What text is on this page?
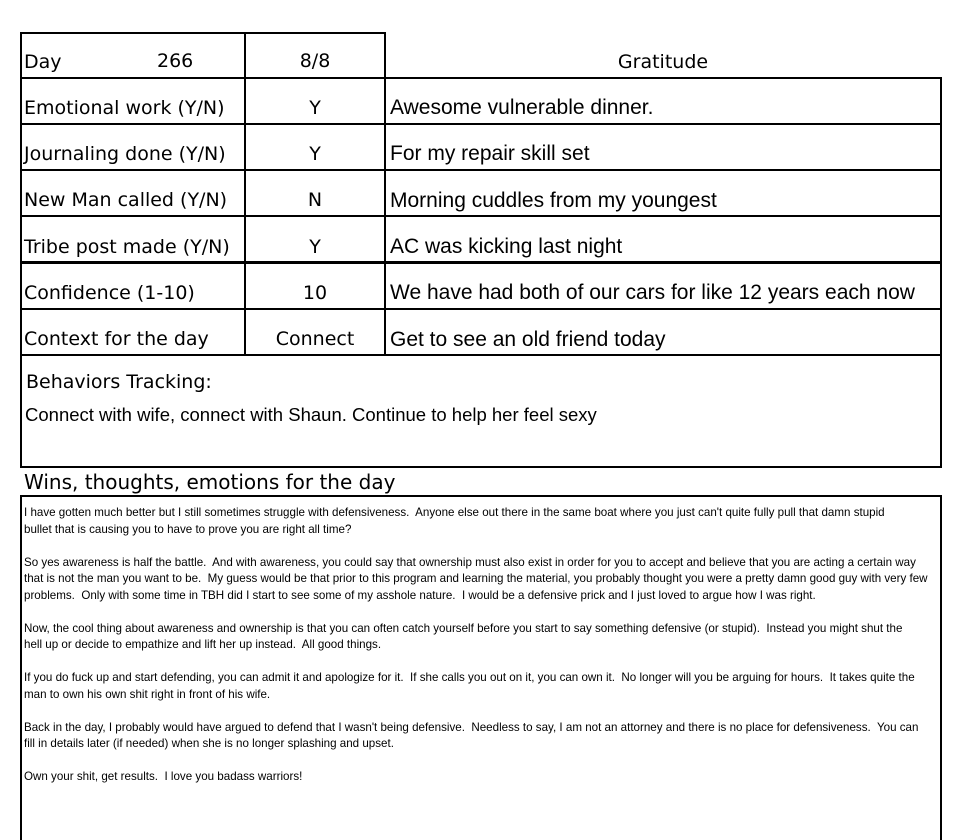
Day	266	8/8	Gratitude
Emotional work (Y/N)	Y	Awesome vulnerable dinner.
Journaling done (Y/N)	Y	For my repair skill set
New Man called (Y/N)	N	Morning cuddles from my youngest
Tribe post made (Y/N)	Y	AC was kicking last night
Confidence (1-10)	10	We have had both of our cars for like 12 years each now
Context for the day	Connect	Get to see an old friend today
Behaviors Tracking:
Connect with wife, connect with Shaun. Continue to help her feel sexy
Wins, thoughts, emotions for the day

I have gotten much better but I still sometimes struggle with defensiveness.  Anyone else out there in the same boat where you just can't quite fully pull that damn stupid
bullet that is causing you to have to prove you are right all time?

So yes awareness is half the battle.  And with awareness, you could say that ownership must also exist in order for you to accept and believe that you are acting a certain way
that is not the man you want to be.  My guess would be that prior to this program and learning the material, you probably thought you were a pretty damn good guy with very few
problems.  Only with some time in TBH did I start to see some of my asshole nature.  I would be a defensive prick and I just loved to argue how I was right.

Now, the cool thing about awareness and ownership is that you can often catch yourself before you start to say something defensive (or stupid).  Instead you might shut the
hell up or decide to empathize and lift her up instead.  All good things.

If you do fuck up and start defending, you can admit it and apologize for it.  If she calls you out on it, you can own it.  No longer will you be arguing for hours.  It takes quite the
man to own his own shit right in front of his wife.

Back in the day, I probably would have argued to defend that I wasn't being defensive.  Needless to say, I am not an attorney and there is no place for defensiveness.  You can
fill in details later (if needed) when she is no longer splashing and upset.

Own your shit, get results.  I love you badass warriors!
